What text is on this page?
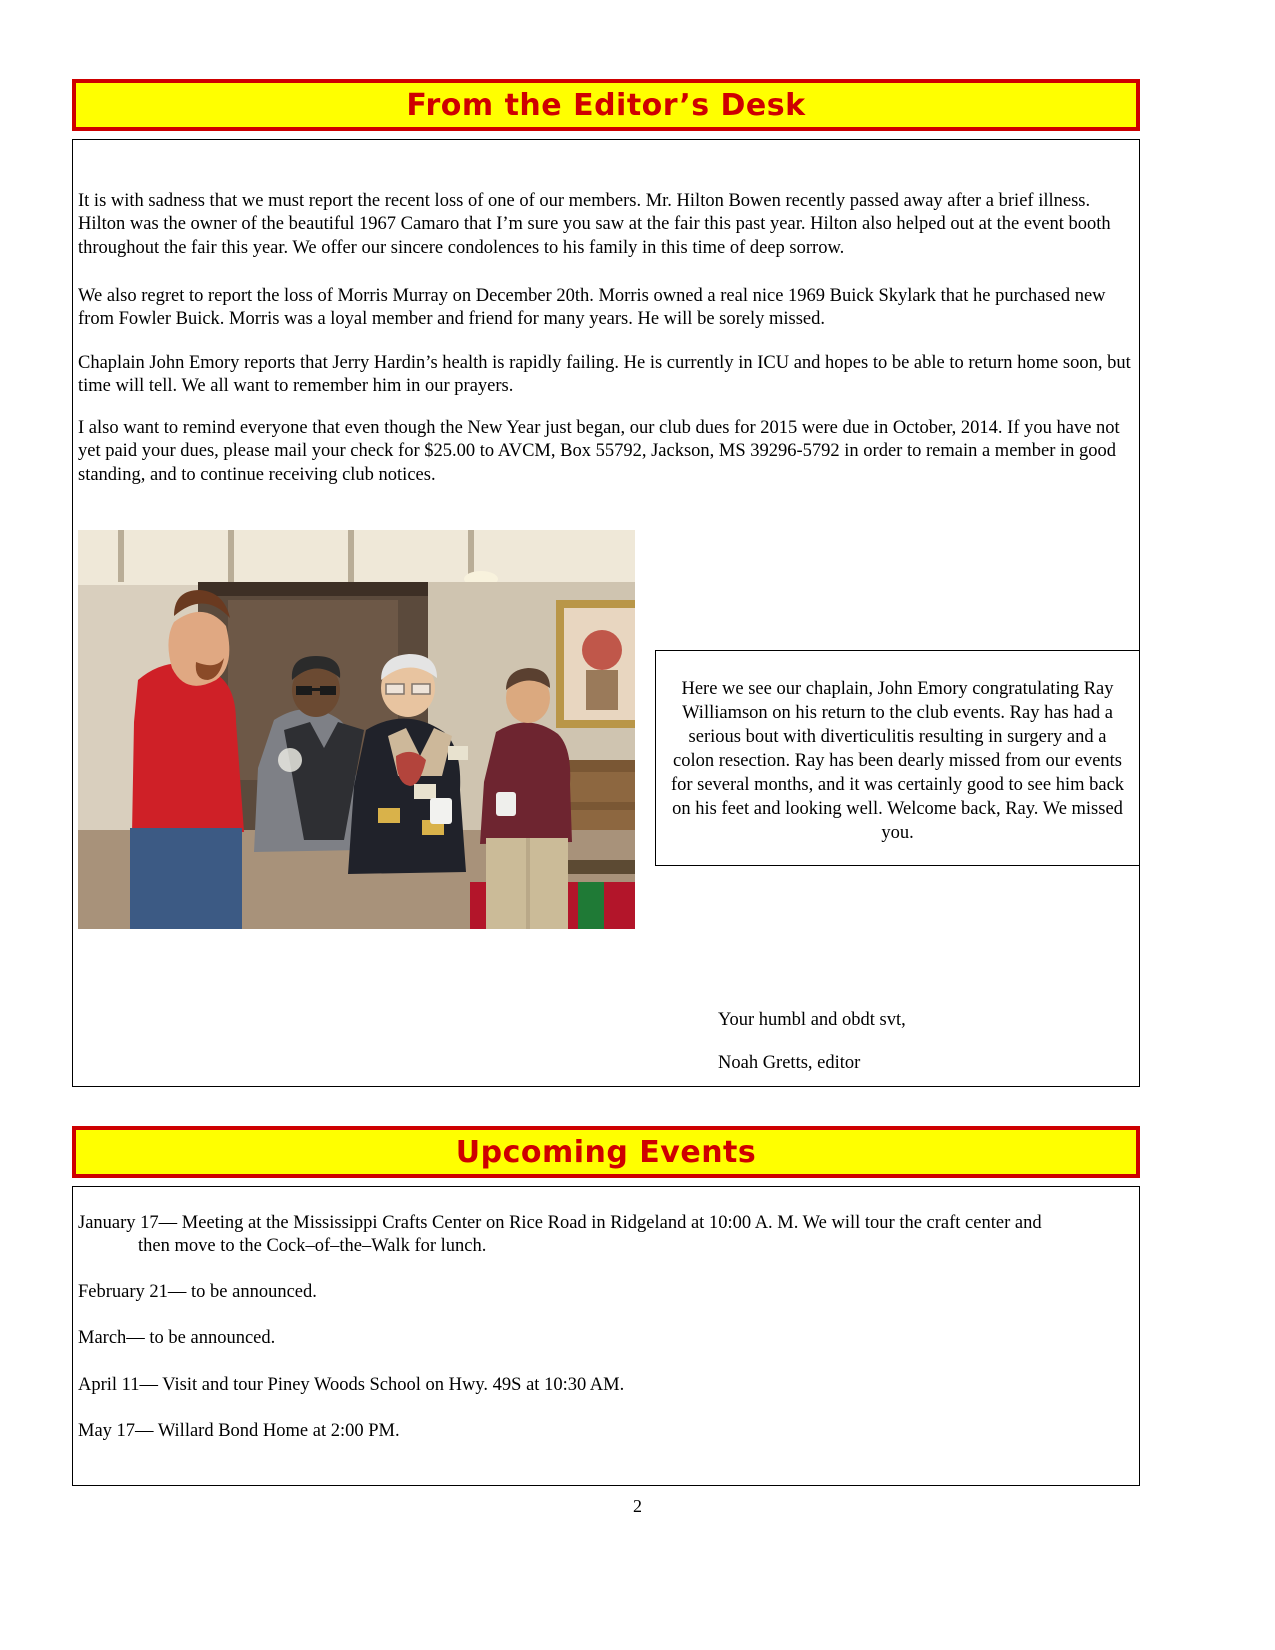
From the Editor’s Desk
It is with sadness that we must report the recent loss of one of our members. Mr. Hilton Bowen recently passed away after a brief illness. Hilton was the owner of the beautiful 1967 Camaro that I’m sure you saw at the fair this past year. Hilton also helped out at the event booth throughout the fair this year. We offer our sincere condolences to his family in this time of deep sorrow.
We also regret to report the loss of Morris Murray on December 20th. Morris owned a real nice 1969 Buick Skylark that he purchased new from Fowler Buick. Morris was a loyal member and friend for many years. He will be sorely missed.
Chaplain John Emory reports that Jerry Hardin’s health is rapidly failing. He is currently in ICU and hopes to be able to return home soon, but time will tell. We all want to remember him in our prayers.
I also want to remind everyone that even though the New Year just began, our club dues for 2015 were due in October, 2014. If you have not yet paid your dues, please mail your check for $25.00 to AVCM, Box 55792, Jackson, MS 39296-5792 in order to remain a member in good standing, and to continue receiving club notices.
Here we see our chaplain, John Emory congratulating Ray Williamson on his return to the club events. Ray has had a serious bout with diverticulitis resulting in surgery and a colon resection. Ray has been dearly missed from our events for several months, and it was certainly good to see him back on his feet and looking well. Welcome back, Ray. We missed you.
Your humbl and obdt svt,
Noah Gretts, editor
Upcoming Events
January 17— Meeting at the Mississippi Crafts Center on Rice Road in Ridgeland at 10:00 A. M. We will tour the craft center and
then move to the Cock–of–the–Walk for lunch.
February 21— to be announced.
March— to be announced.
April 11— Visit and tour Piney Woods School on Hwy. 49S at 10:30 AM.
May 17— Willard Bond Home at 2:00 PM.
2
